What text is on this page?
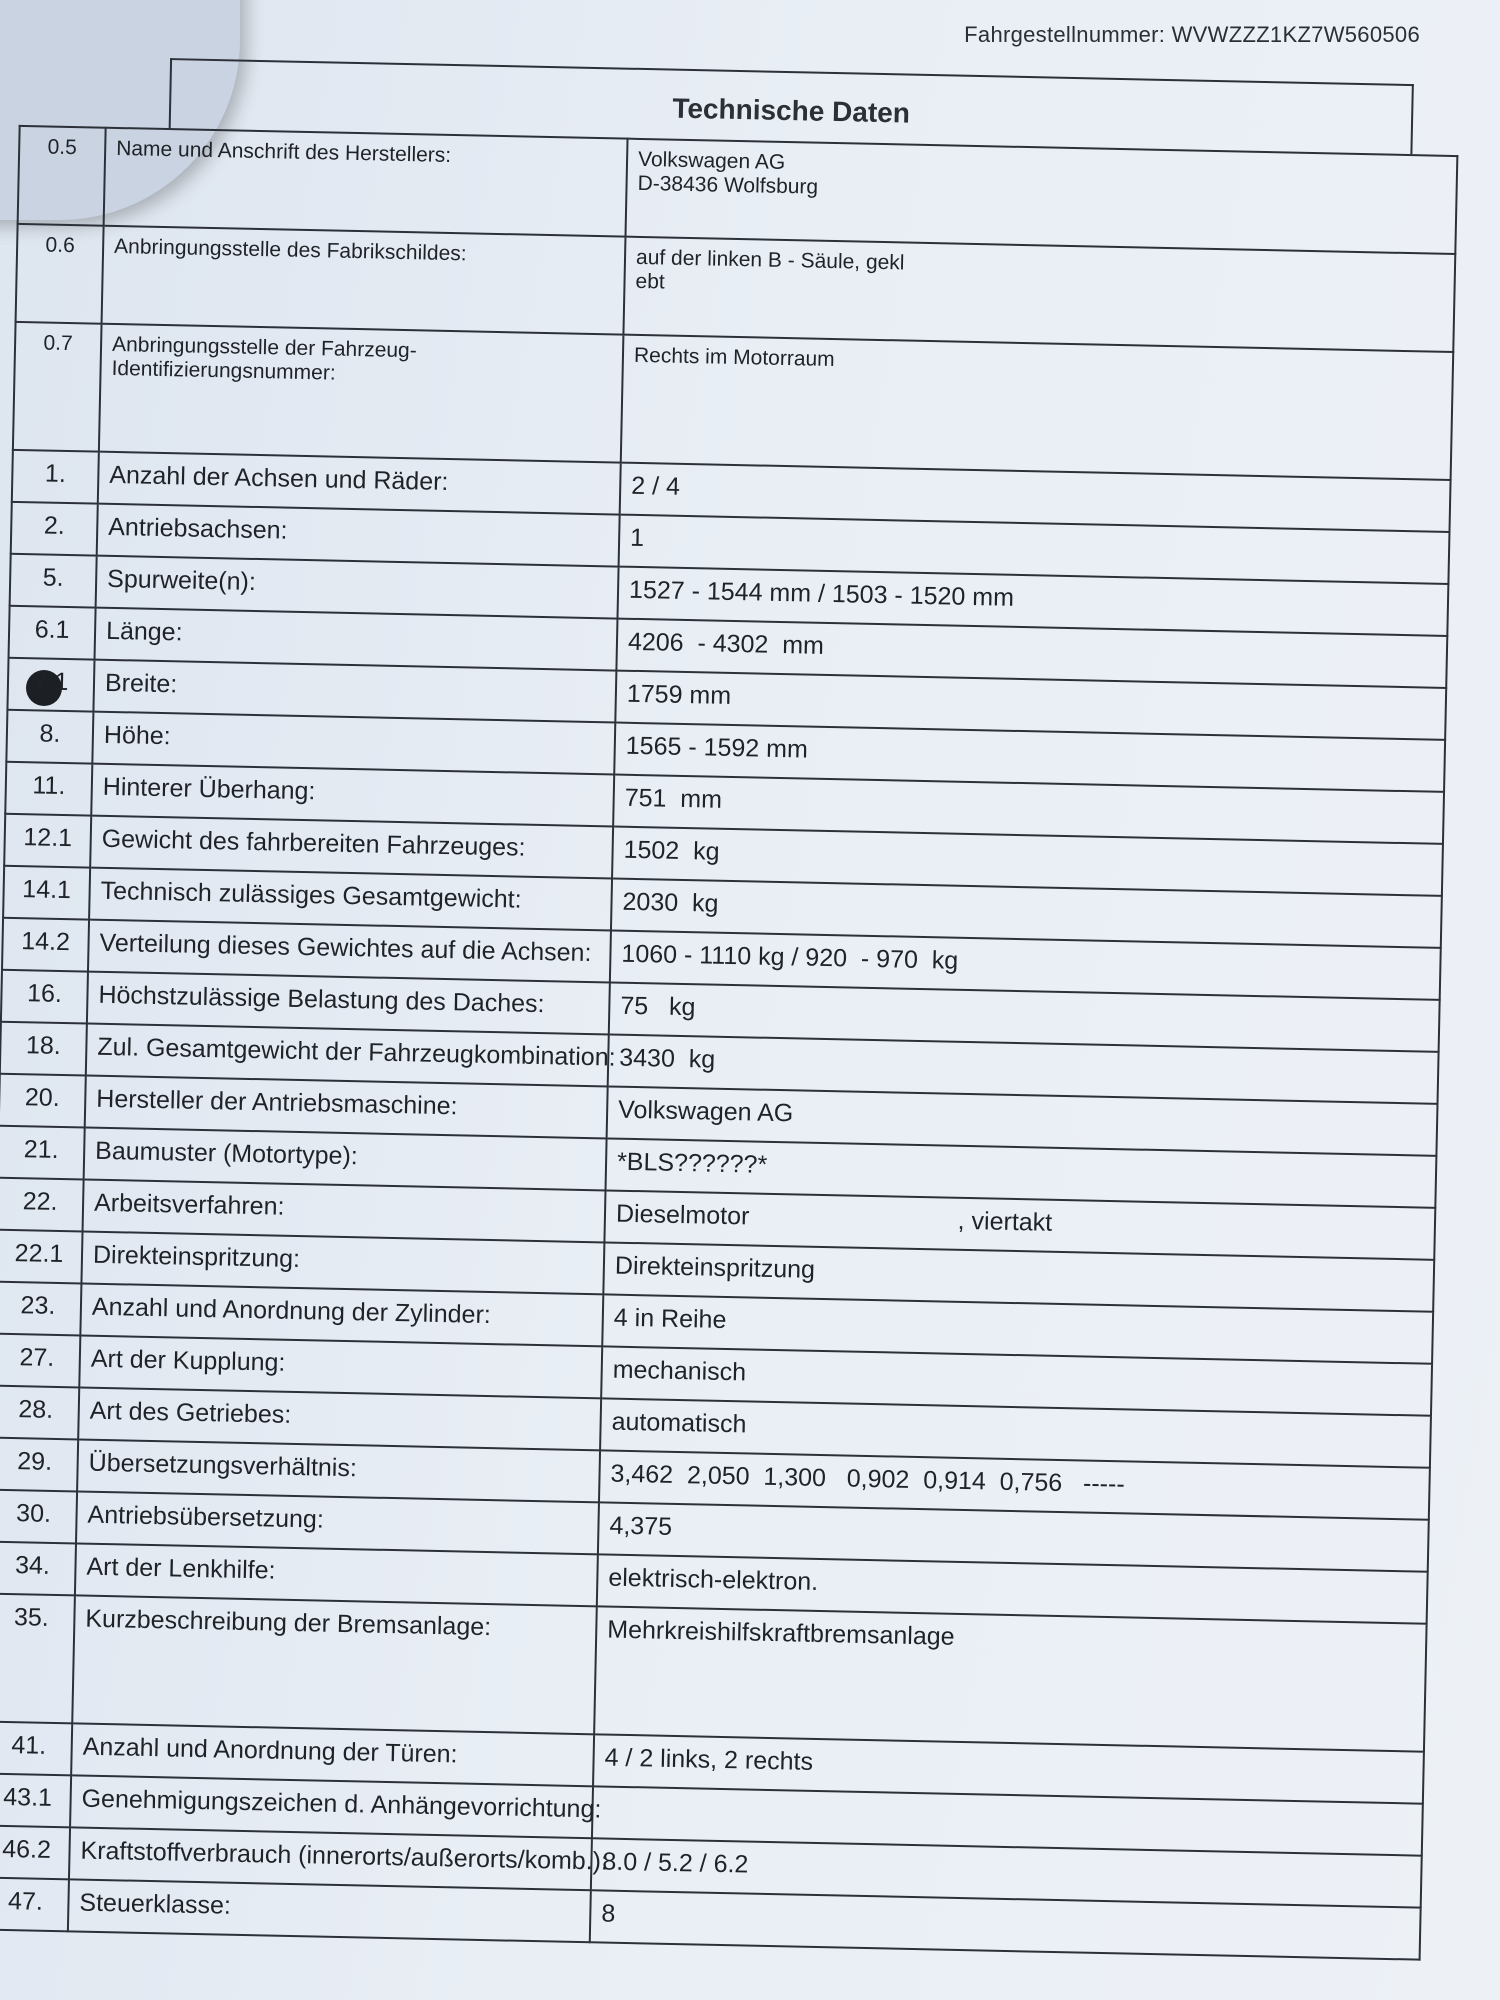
Fahrgestellnummer: WVWZZZ1KZ7W560506
Technische Daten
0.5	Name und Anschrift des Herstellers:	Volkswagen AG
D-38436 Wolfsburg
0.6	Anbringungsstelle des Fabrikschildes:	auf der linken B - Säule, gekl
ebt
0.7	Anbringungsstelle der Fahrzeug-
Identifizierungsnummer:	Rechts im Motorraum
1.	Anzahl der Achsen und Räder:	2 / 4
2.	Antriebsachsen:	1
5.	Spurweite(n):	1527 - 1544 mm / 1503 - 1520 mm
6.1	Länge:	4206  - 4302  mm
7.1	Breite:	1759 mm
8.	Höhe:	1565 - 1592 mm
11.	Hinterer Überhang:	751  mm
12.1	Gewicht des fahrbereiten Fahrzeuges:	1502  kg
14.1	Technisch zulässiges Gesamtgewicht:	2030  kg
14.2	Verteilung dieses Gewichtes auf die Achsen:	1060 - 1110 kg / 920  - 970  kg
16.	Höchstzulässige Belastung des Daches:	75   kg
18.	Zul. Gesamtgewicht der Fahrzeugkombination:	3430  kg
20.	Hersteller der Antriebsmaschine:	Volkswagen AG
21.	Baumuster (Motortype):	*BLS??????*
22.	Arbeitsverfahren:	Dieselmotor                              , viertakt
22.1	Direkteinspritzung:	Direkteinspritzung
23.	Anzahl und Anordnung der Zylinder:	4 in Reihe
27.	Art der Kupplung:	mechanisch
28.	Art des Getriebes:	automatisch
29.	Übersetzungsverhältnis:	3,462  2,050  1,300   0,902  0,914  0,756   -----
30.	Antriebsübersetzung:	4,375
34.	Art der Lenkhilfe:	elektrisch-elektron.
35.	Kurzbeschreibung der Bremsanlage:	Mehrkreishilfskraftbremsanlage
41.	Anzahl und Anordnung der Türen:	4 / 2 links, 2 rechts
43.1	Genehmigungszeichen d. Anhängevorrichtung:	
46.2	Kraftstoffverbrauch (innerorts/außerorts/komb.):	8.0 / 5.2 / 6.2
47.	Steuerklasse:	8
